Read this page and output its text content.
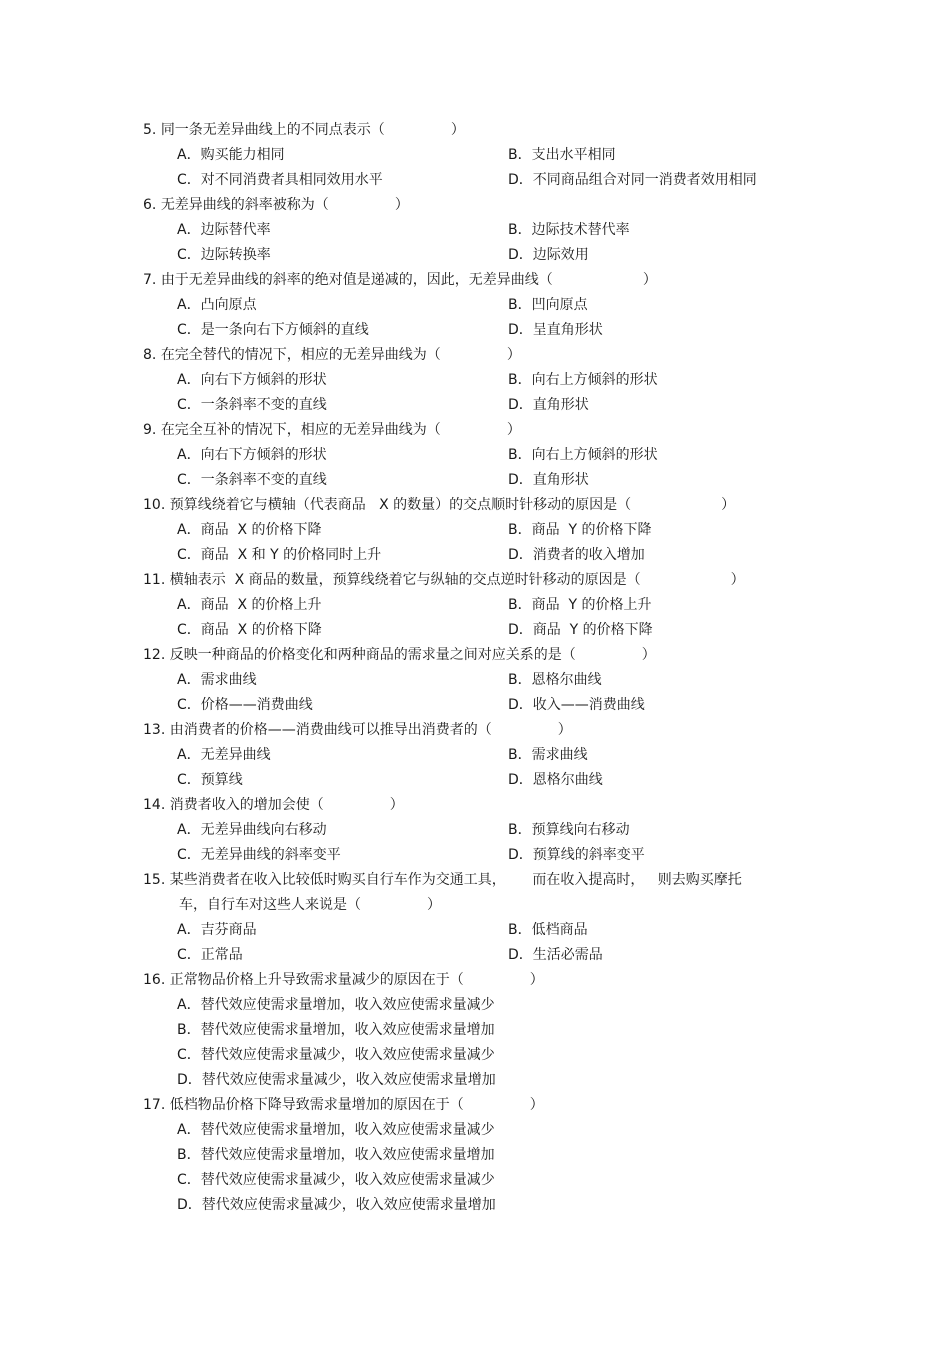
5. 同一条无差异曲线上的不同点表示（	）
A．购买能力相同	B．支出水平相同
C．对不同消费者具相同效用水平	D．不同商品组合对同一消费者效用相同
6. 无差异曲线的斜率被称为（	）
A．边际替代率	B．边际技术替代率
C．边际转换率	D．边际效用
7. 由于无差异曲线的斜率的绝对值是递减的，因此，无差异曲线（	）
A．凸向原点	B．凹向原点
C．是一条向右下方倾斜的直线	D．呈直角形状
8. 在完全替代的情况下，相应的无差异曲线为（	）
A．向右下方倾斜的形状	B．向右上方倾斜的形状
C．一条斜率不变的直线	D．直角形状
9. 在完全互补的情况下，相应的无差异曲线为（	）
A．向右下方倾斜的形状	B．向右上方倾斜的形状
C．一条斜率不变的直线	D．直角形状
10. 预算线绕着它与横轴（代表商品   X 的数量）的交点顺时针移动的原因是（	）
A．商品  X 的价格下降	B．商品  Y 的价格下降
C．商品  X 和 Y 的价格同时上升	D．消费者的收入增加
11. 横轴表示  X 商品的数量，预算线绕着它与纵轴的交点逆时针移动的原因是（	）
A．商品  X 的价格上升	B．商品  Y 的价格上升
C．商品  X 的价格下降	D．商品  Y 的价格下降
12. 反映一种商品的价格变化和两种商品的需求量之间对应关系的是（	）
A．需求曲线	B．恩格尔曲线
C．价格——消费曲线	D．收入——消费曲线
13. 由消费者的价格——消费曲线可以推导出消费者的（	）
A．无差异曲线	B．需求曲线
C．预算线	D．恩格尔曲线
14. 消费者收入的增加会使（	）
A．无差异曲线向右移动	B．预算线向右移动
C．无差异曲线的斜率变平	D．预算线的斜率变平
15. 某些消费者在收入比较低时购买自行车作为交通工具，      而在收入提高时，   则去购买摩托
车，自行车对这些人来说是（	）
A．吉芬商品	B．低档商品
C．正常品	D．生活必需品
16. 正常物品价格上升导致需求量减少的原因在于（	）
A．替代效应使需求量增加，收入效应使需求量减少
B．替代效应使需求量增加，收入效应使需求量增加
C．替代效应使需求量减少，收入效应使需求量减少
D．替代效应使需求量减少，收入效应使需求量增加
17. 低档物品价格下降导致需求量增加的原因在于（	）
A．替代效应使需求量增加，收入效应使需求量减少
B．替代效应使需求量增加，收入效应使需求量增加
C．替代效应使需求量减少，收入效应使需求量减少
D．替代效应使需求量减少，收入效应使需求量增加
